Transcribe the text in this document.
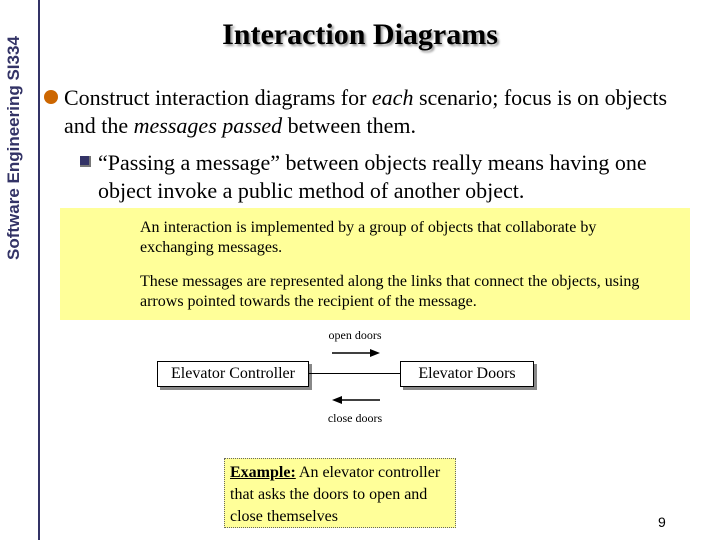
Software Engineering SI334
Interaction Diagrams
Construct interaction diagrams for each scenario; focus is on objects and the messages passed between them.
“Passing a message” between objects really means having one object invoke a public method of another object.

An interaction is implemented by a group of objects that collaborate by exchanging messages.

These messages are represented along the links that connect the objects, using arrows pointed towards the recipient of the message.

open doors
Elevator Controller	Elevator Doors
close doors
Example: An elevator controller that asks the doors to open and close themselves	9
